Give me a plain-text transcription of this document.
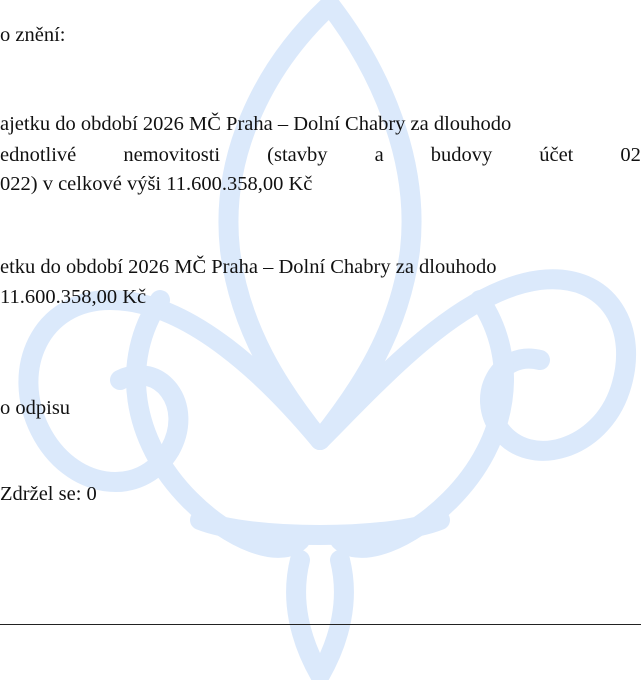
o znění:
ajetku do období 2026 MČ Praha – Dolní Chabry za dlouhodo
ednotlivé nemovitosti (stavby a budovy účet 02
022) v celkové výši 11.600.358,00 Kč
etku do období 2026 MČ Praha – Dolní Chabry za dlouhodo
11.600.358,00 Kč
o odpisu
Zdržel se: 0
